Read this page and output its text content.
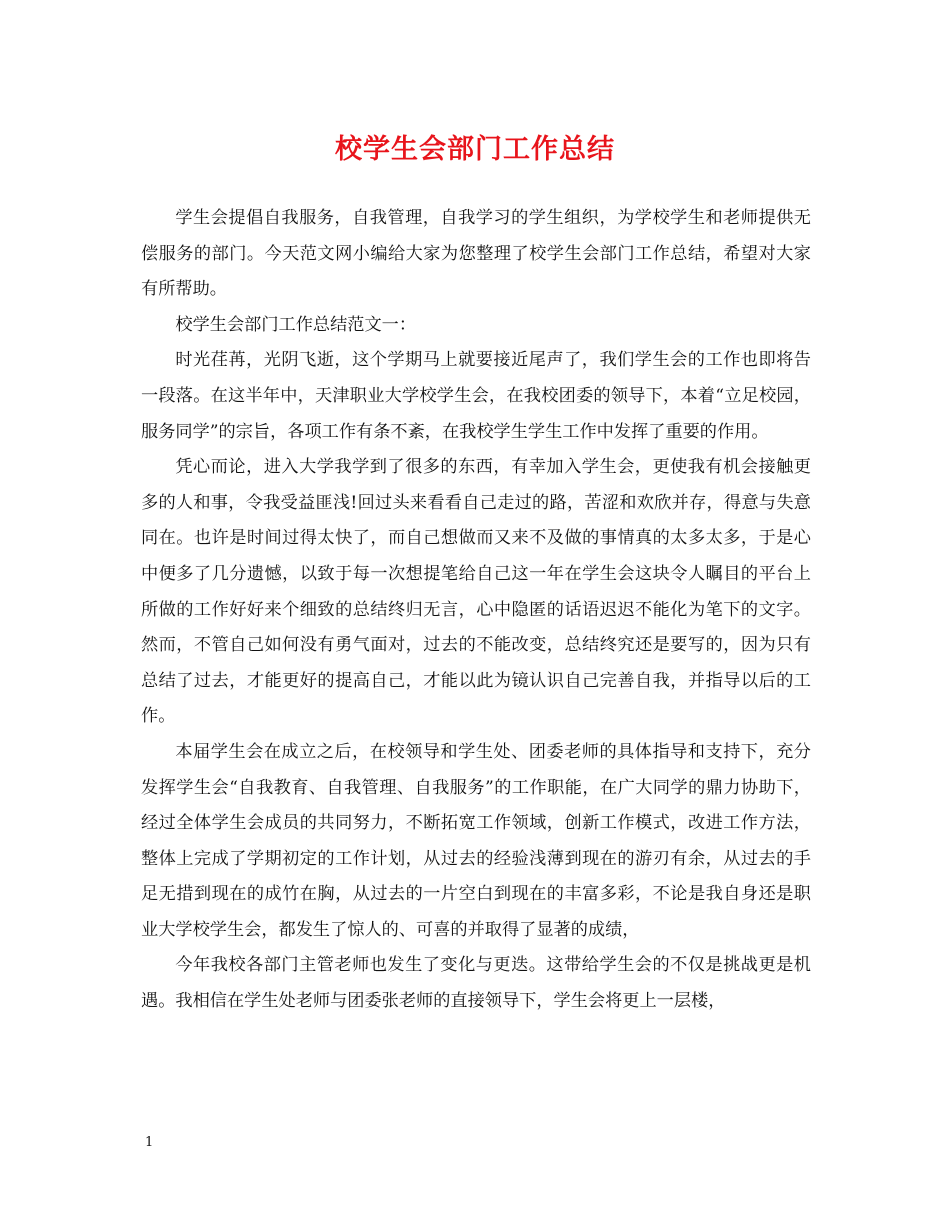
校学生会部门工作总结

学生会提倡自我服务，自我管理，自我学习的学生组织，为学校学生和老师提供无偿服务的部门。今天范文网小编给大家为您整理了校学生会部门工作总结，希望对大家有所帮助。

校学生会部门工作总结范文一：

时光荏苒，光阴飞逝，这个学期马上就要接近尾声了，我们学生会的工作也即将告一段落。在这半年中，天津职业大学校学生会，在我校团委的领导下，本着“立足校园，服务同学”的宗旨，各项工作有条不紊，在我校学生学生工作中发挥了重要的作用。

凭心而论，进入大学我学到了很多的东西，有幸加入学生会，更使我有机会接触更多的人和事，令我受益匪浅!回过头来看看自己走过的路，苦涩和欢欣并存，得意与失意同在。也许是时间过得太快了，而自己想做而又来不及做的事情真的太多太多，于是心中便多了几分遗憾，以致于每一次想提笔给自己这一年在学生会这块令人瞩目的平台上所做的工作好好来个细致的总结终归无言，心中隐匿的话语迟迟不能化为笔下的文字。然而，不管自己如何没有勇气面对，过去的不能改变，总结终究还是要写的，因为只有总结了过去，才能更好的提高自己，才能以此为镜认识自己完善自我，并指导以后的工作。

本届学生会在成立之后，在校领导和学生处、团委老师的具体指导和支持下，充分发挥学生会“自我教育、自我管理、自我服务”的工作职能，在广大同学的鼎力协助下，经过全体学生会成员的共同努力，不断拓宽工作领域，创新工作模式，改进工作方法，整体上完成了学期初定的工作计划，从过去的经验浅薄到现在的游刃有余，从过去的手足无措到现在的成竹在胸，从过去的一片空白到现在的丰富多彩，不论是我自身还是职业大学校学生会，都发生了惊人的、可喜的并取得了显著的成绩，

今年我校各部门主管老师也发生了变化与更迭。这带给学生会的不仅是挑战更是机遇。我相信在学生处老师与团委张老师的直接领导下，学生会将更上一层楼，

1
